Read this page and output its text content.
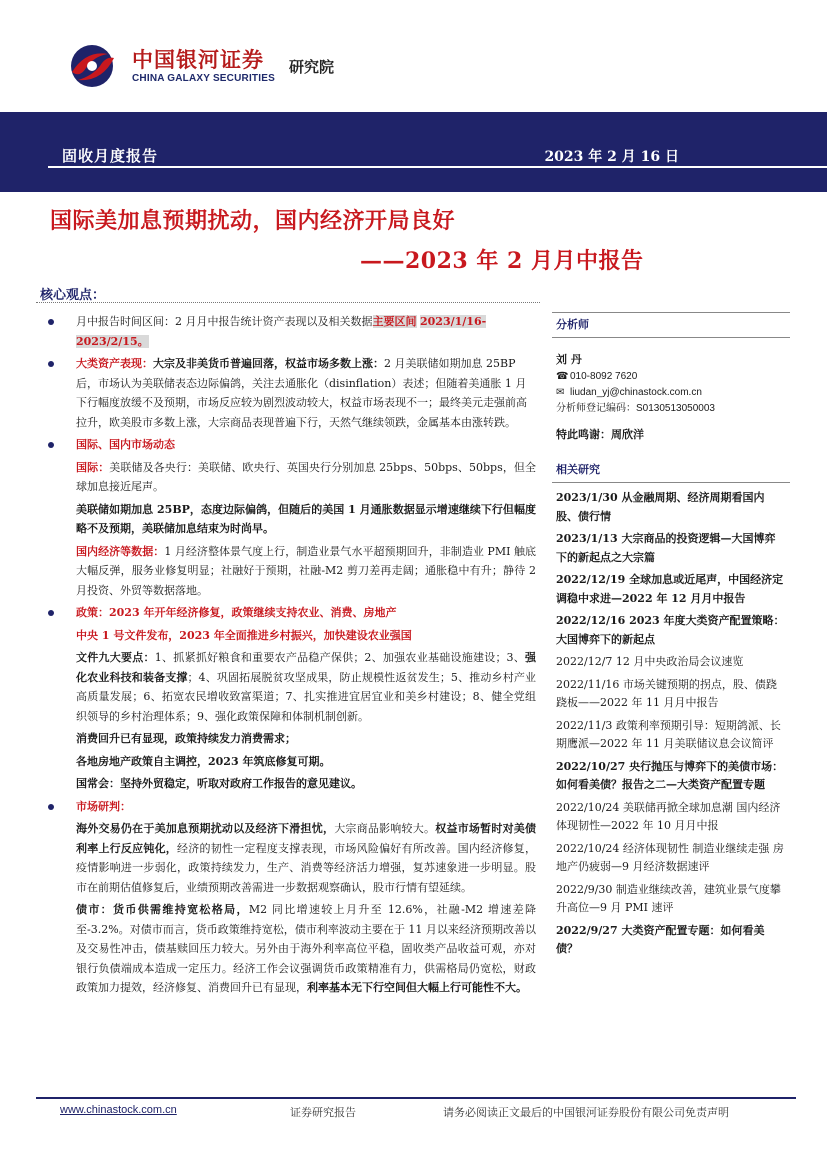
中国银河证券
CHINA GALAXY SECURITIES
研究院
固收月度报告	2023 年 2 月 16 日
国际美加息预期扰动，国内经济开局良好
——2023 年 2 月月中报告
核心观点：
月中报告时间区间：2 月月中报告统计资产表现以及相关数据主要区间 2023/1/16-2023/2/15。
大类资产表现：大宗及非美货币普遍回落，权益市场多数上涨：2 月美联储如期加息 25BP 后，市场认为美联储表态边际偏鸽，关注去通胀化（disinflation）表述；但随着美通胀 1 月下行幅度放缓不及预期，市场反应较为剧烈波动较大，权益市场表现不一；最终美元走强前高拉升，欧美股市多数上涨，大宗商品表现普遍下行，天然气继续领跌，金属基本由涨转跌。
国际、国内市场动态
国际：美联储及各央行：美联储、欧央行、英国央行分别加息 25bps、50bps、50bps，但全球加息接近尾声。
美联储如期加息 25BP，态度边际偏鸽，但随后的美国 1 月通胀数据显示增速继续下行但幅度略不及预期，美联储加息结束为时尚早。
国内经济等数据：1 月经济整体景气度上行，制造业景气水平超预期回升，非制造业 PMI 触底大幅反弹，服务业修复明显；社融好于预期，社融-M2 剪刀差再走阔；通胀稳中有升；静待 2 月投资、外贸等数据落地。
政策：2023 年开年经济修复，政策继续支持农业、消费、房地产
中央 1 号文件发布，2023 年全面推进乡村振兴，加快建设农业强国
文件九大要点：1、抓紧抓好粮食和重要农产品稳产保供；2、加强农业基础设施建设；3、强化农业科技和装备支撑；4、巩固拓展脱贫攻坚成果，防止规模性返贫发生；5、推动乡村产业高质量发展；6、拓宽农民增收致富渠道；7、扎实推进宜居宜业和美乡村建设；8、健全党组织领导的乡村治理体系；9、强化政策保障和体制机制创新。
消费回升已有显现，政策持续发力消费需求；
各地房地产政策自主调控，2023 年筑底修复可期。
国常会：坚持外贸稳定，听取对政府工作报告的意见建议。
市场研判：
海外交易仍在于美加息预期扰动以及经济下滑担忧，大宗商品影响较大。权益市场暂时对美债利率上行反应钝化，经济的韧性一定程度支撑表现，市场风险偏好有所改善。国内经济修复，疫情影响进一步弱化，政策持续发力，生产、消费等经济活力增强，复苏速象进一步明显。股市在前期估值修复后，业绩预期改善需进一步数据观察确认，股市行情有望延续。
债市：货币供需维持宽松格局，M2 同比增速较上月升至 12.6%，社融-M2 增速差降至-3.2%。对债市而言，货币政策维持宽松，债市利率波动主要在于 11 月以来经济预期改善以及交易性冲击，债基赎回压力较大。另外由于海外利率高位平稳，固收类产品收益可观，亦对银行负债端成本造成一定压力。经济工作会议强调货币政策精准有力，供需格局仍宽松，财政政策加力提效，经济修复、消费回升已有显现，利率基本无下行空间但大幅上行可能性不大。
分析师
刘 丹
☎ 010-8092 7620
✉ liudan_yj@chinastock.com.cn
分析师登记编码：S0130513050003
特此鸣谢：周欣洋
相关研究
2023/1/30 从金融周期、经济周期看国内股、债行情
2023/1/13 大宗商品的投资逻辑—大国博弈下的新起点之大宗篇
2022/12/19 全球加息或近尾声，中国经济定调稳中求进—2022 年 12 月月中报告
2022/12/16 2023 年度大类资产配置策略：大国博弈下的新起点
2022/12/7 12 月中央政治局会议速览
2022/11/16 市场关键预期的拐点，股、债跷跷板——2022 年 11 月月中报告
2022/11/3 政策利率预期引导：短期鸽派、长期鹰派—2022 年 11 月美联储议息会议简评
2022/10/27 央行抛压与博弈下的美债市场：如何看美债？报告之二—大类资产配置专题
2022/10/24 美联储再掀全球加息潮 国内经济体现韧性—2022 年 10 月月中报
2022/10/24 经济体现韧性 制造业继续走强 房地产仍疲弱—9 月经济数据速评
2022/9/30 制造业继续改善，建筑业景气度攀升高位—9 月 PMI 速评
2022/9/27 大类资产配置专题：如何看美债？
www.chinastock.com.cn	证券研究报告	请务必阅读正文最后的中国银河证券股份有限公司免责声明
